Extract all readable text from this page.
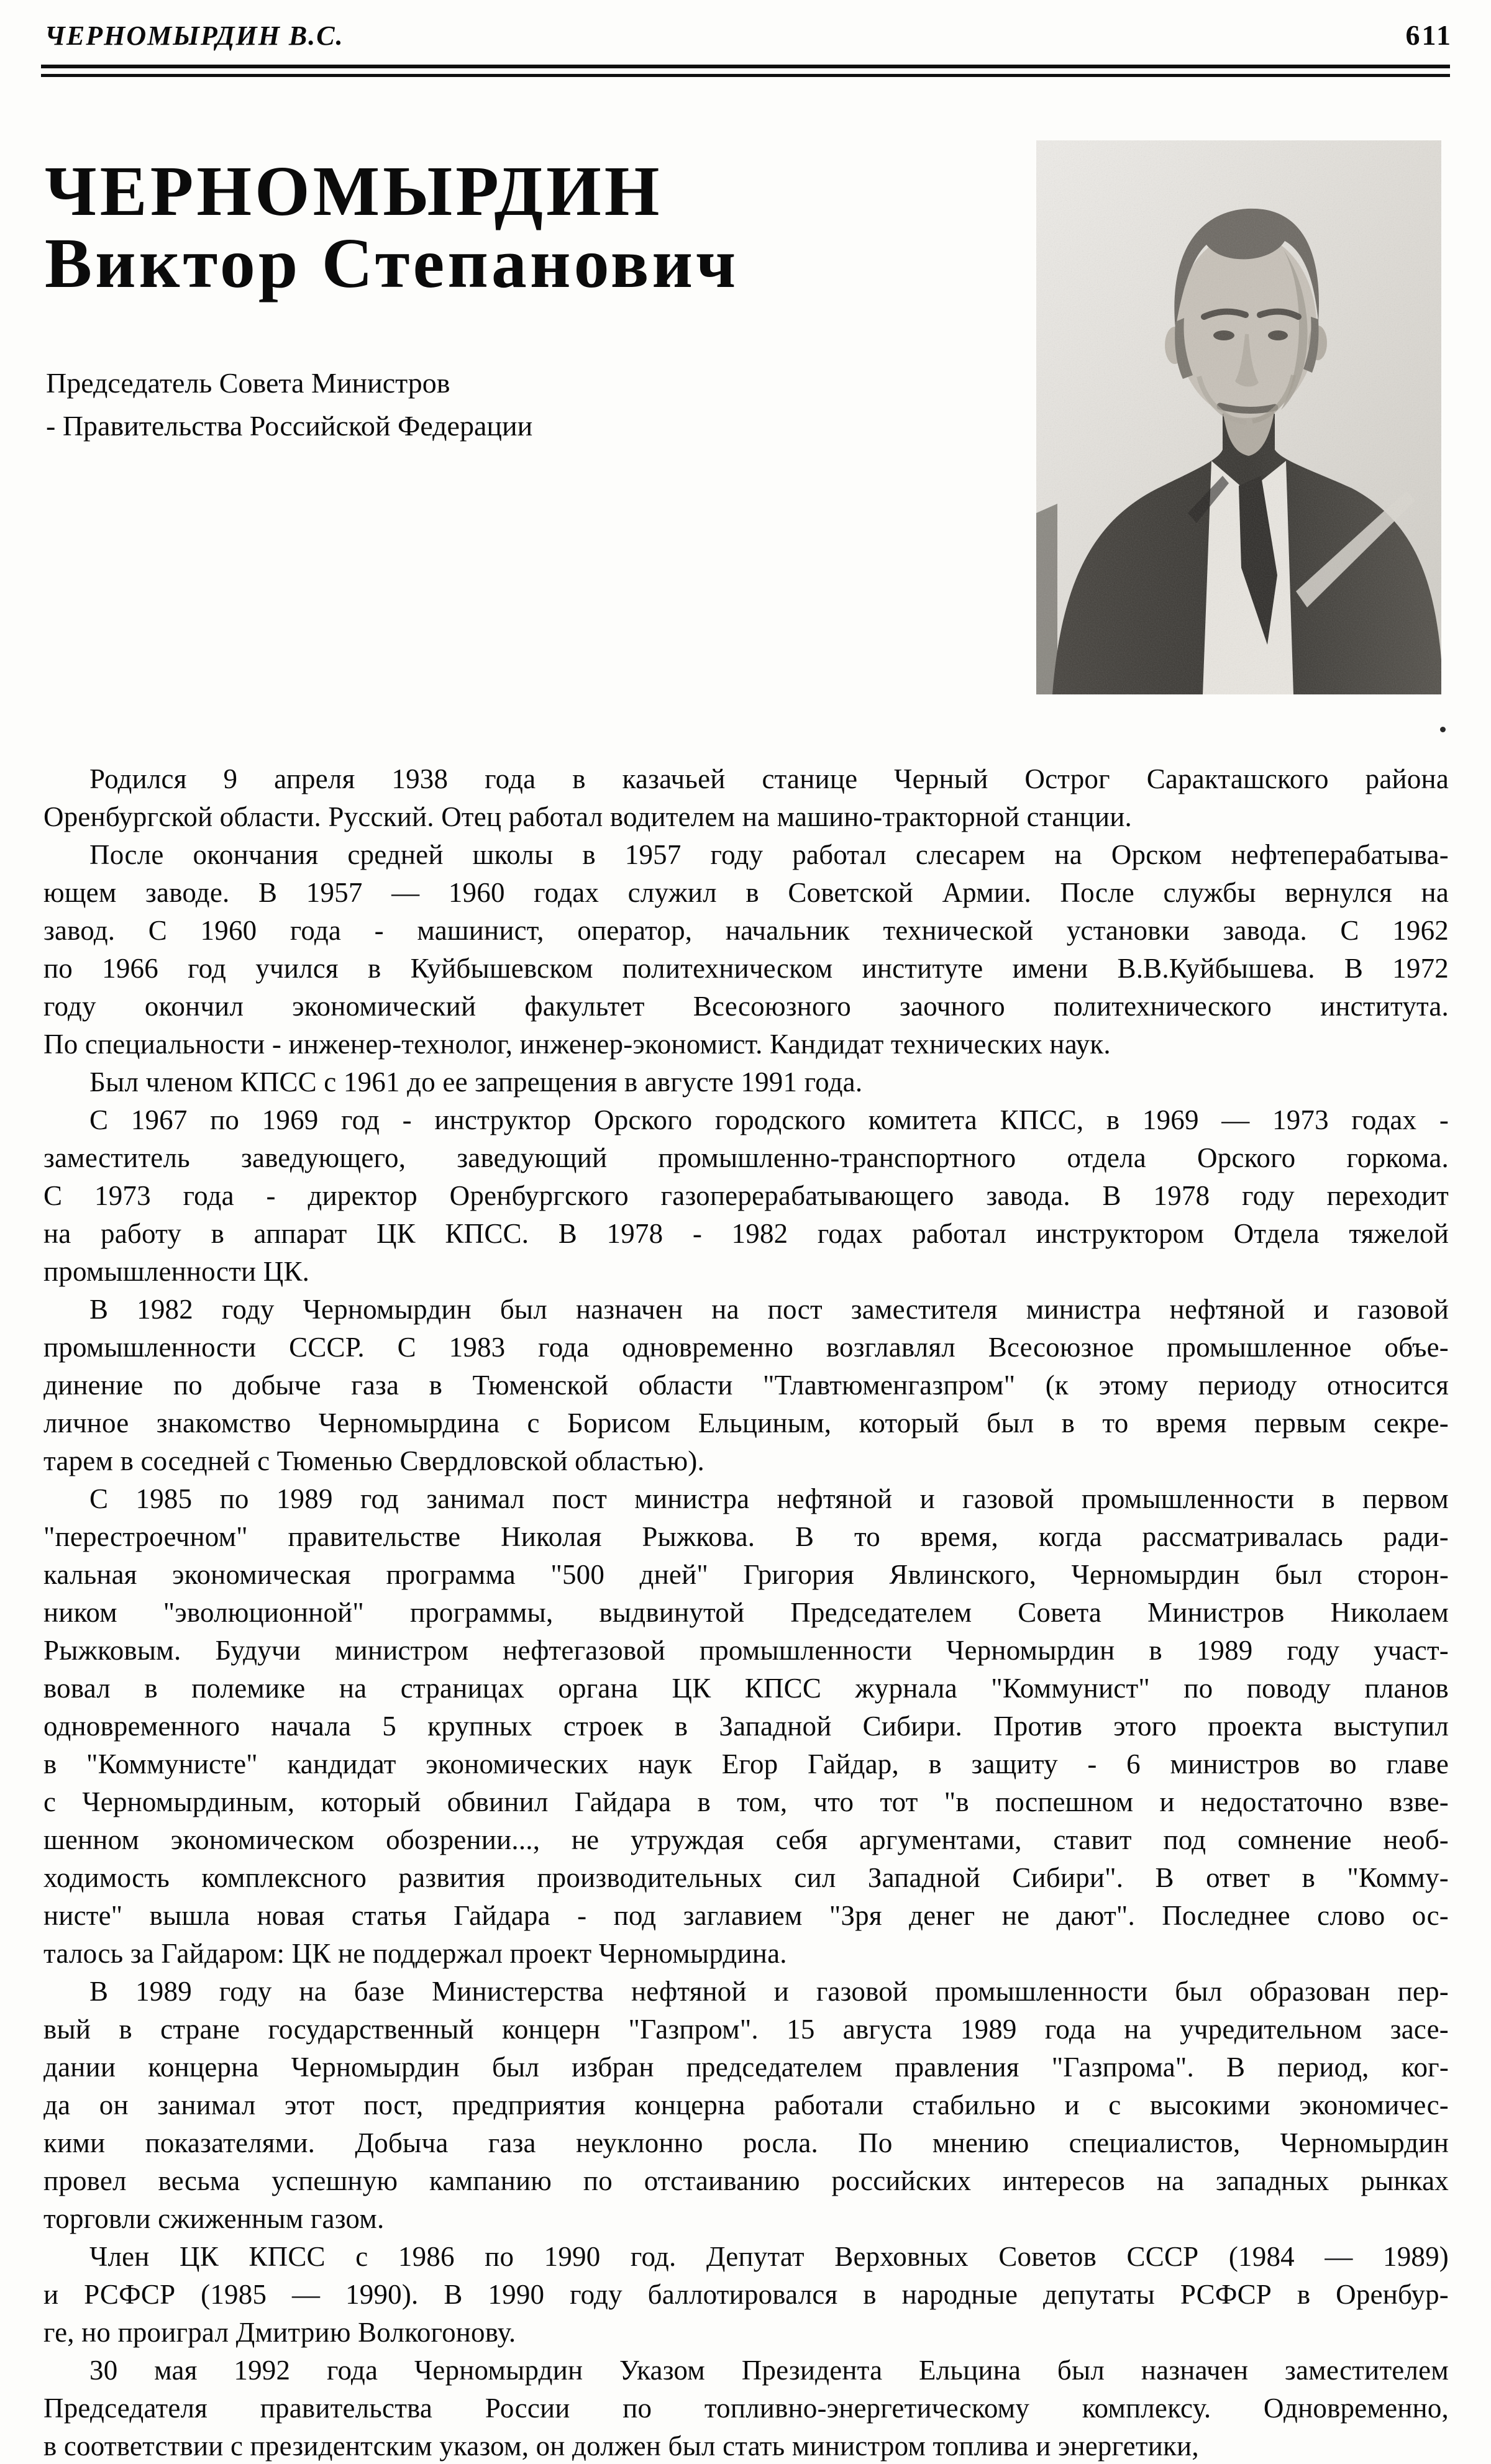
ЧЕРНОМЫРДИН В.С.	611
ЧЕРНОМЫРДИН
Виктор Степанович
Председатель Совета Министров
- Правительства Российской Федерации
Родился 9 апреля 1938 года в казачьей станице Черный Острог Саракташского района
Оренбургской области. Русский. Отец работал водителем на машино-тракторной станции.
После окончания средней школы в 1957 году работал слесарем на Орском нефтеперабатыва-
ющем заводе. В 1957 — 1960 годах служил в Советской Армии. После службы вернулся на
завод. С 1960 года - машинист, оператор, начальник технической установки завода. С 1962
по 1966 год учился в Куйбышевском политехническом институте имени В.В.Куйбышева. В 1972
году окончил экономический факультет Всесоюзного заочного политехнического института.
По специальности - инженер-технолог, инженер-экономист. Кандидат технических наук.
Был членом КПСС с 1961 до ее запрещения в августе 1991 года.
С 1967 по 1969 год - инструктор Орского городского комитета КПСС, в 1969 — 1973 годах -
заместитель заведующего, заведующий промышленно-транспортного отдела Орского горкома.
С 1973 года - директор Оренбургского газоперерабатывающего завода. В 1978 году переходит
на работу в аппарат ЦК КПСС. В 1978 - 1982 годах работал инструктором Отдела тяжелой
промышленности ЦК.
В 1982 году Черномырдин был назначен на пост заместителя министра нефтяной и газовой
промышленности СССР. С 1983 года одновременно возглавлял Всесоюзное промышленное объе-
динение по добыче газа в Тюменской области "Тлавтюменгазпром" (к этому периоду относится
личное знакомство Черномырдина с Борисом Ельциным, который был в то время первым секре-
тарем в соседней с Тюменью Свердловской областью).
С 1985 по 1989 год занимал пост министра нефтяной и газовой промышленности в первом
"перестроечном" правительстве Николая Рыжкова. В то время, когда рассматривалась ради-
кальная экономическая программа "500 дней" Григория Явлинского, Черномырдин был сторон-
ником "эволюционной" программы, выдвинутой Председателем Совета Министров Николаем
Рыжковым. Будучи министром нефтегазовой промышленности Черномырдин в 1989 году участ-
вовал в полемике на страницах органа ЦК КПСС журнала "Коммунист" по поводу планов
одновременного начала 5 крупных строек в Западной Сибири. Против этого проекта выступил
в "Коммунисте" кандидат экономических наук Егор Гайдар, в защиту - 6 министров во главе
с Черномырдиным, который обвинил Гайдара в том, что тот "в поспешном и недостаточно взве-
шенном экономическом обозрении..., не утруждая себя аргументами, ставит под сомнение необ-
ходимость комплексного развития производительных сил Западной Сибири". В ответ в "Комму-
нисте" вышла новая статья Гайдара - под заглавием "Зря денег не дают". Последнее слово ос-
талось за Гайдаром: ЦК не поддержал проект Черномырдина.
В 1989 году на базе Министерства нефтяной и газовой промышленности был образован пер-
вый в стране государственный концерн "Газпром". 15 августа 1989 года на учредительном засе-
дании концерна Черномырдин был избран председателем правления "Газпрома". В период, ког-
да он занимал этот пост, предприятия концерна работали стабильно и с высокими экономичес-
кими показателями. Добыча газа неуклонно росла. По мнению специалистов, Черномырдин
провел весьма успешную кампанию по отстаиванию российских интересов на западных рынках
торговли сжиженным газом.
Член ЦК КПСС с 1986 по 1990 год. Депутат Верховных Советов СССР (1984 — 1989)
и РСФСР (1985 — 1990). В 1990 году баллотировался в народные депутаты РСФСР в Оренбур-
ге, но проиграл Дмитрию Волкогонову.
30 мая 1992 года Черномырдин Указом Президента Ельцина был назначен заместителем
Председателя правительства России по топливно-энергетическому комплексу. Одновременно,
в соответствии с президентским указом, он должен был стать министром топлива и энергетики,
